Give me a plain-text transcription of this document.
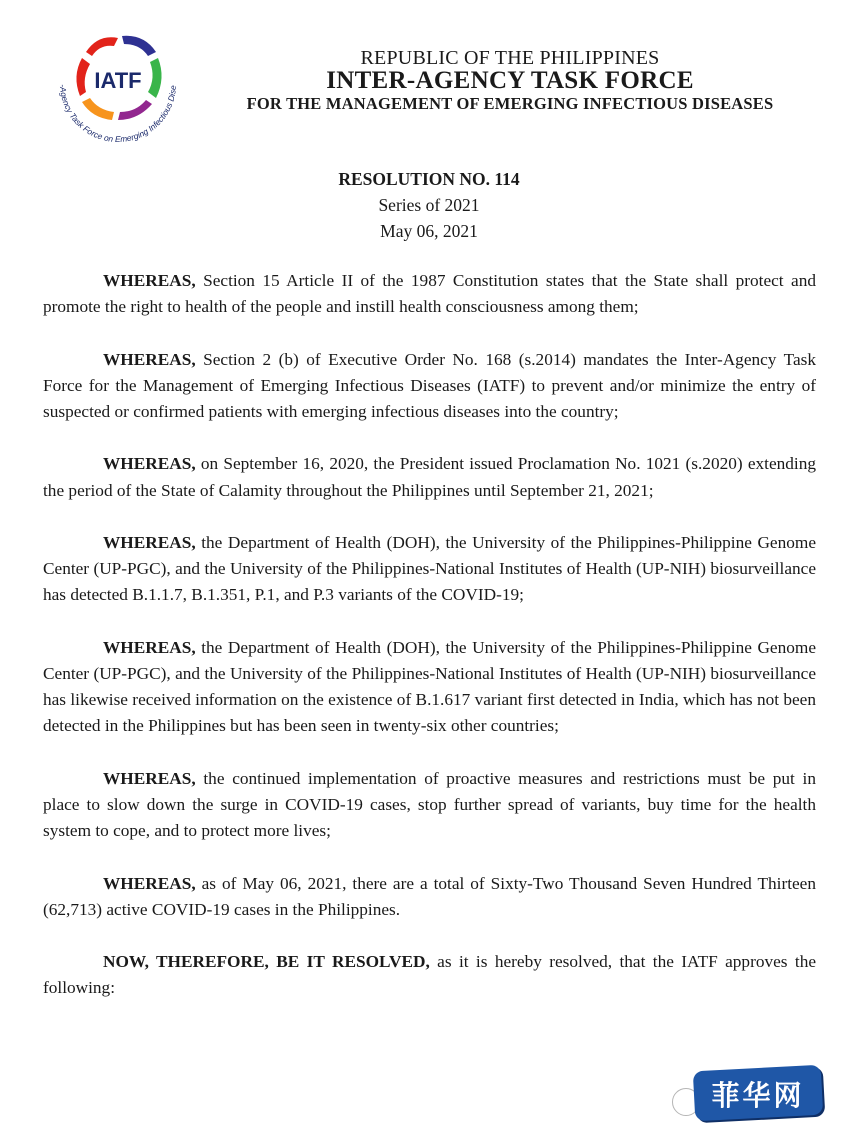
IATF
-Agency Task Force on Emerging Infectious Dise
REPUBLIC OF THE PHILIPPINES
INTER-AGENCY TASK FORCE
FOR THE MANAGEMENT OF EMERGING INFECTIOUS DISEASES
RESOLUTION NO. 114
Series of 2021
May 06, 2021

WHEREAS, Section 15 Article II of the 1987 Constitution states that the State shall protect and promote the right to health of the people and instill health consciousness among them;

WHEREAS, Section 2 (b) of Executive Order No. 168 (s.2014) mandates the Inter-Agency Task Force for the Management of Emerging Infectious Diseases (IATF) to prevent and/or minimize the entry of suspected or confirmed patients with emerging infectious diseases into the country;

WHEREAS, on September 16, 2020, the President issued Proclamation No. 1021 (s.2020) extending the period of the State of Calamity throughout the Philippines until September 21, 2021;

WHEREAS, the Department of Health (DOH), the University of the Philippines-Philippine Genome Center (UP-PGC), and the University of the Philippines-National Institutes of Health (UP-NIH) biosurveillance has detected B.1.1.7, B.1.351, P.1, and P.3 variants of the COVID-19;

WHEREAS, the Department of Health (DOH), the University of the Philippines-Philippine Genome Center (UP-PGC), and the University of the Philippines-National Institutes of Health (UP-NIH) biosurveillance has likewise received information on the existence of B.1.617 variant first detected in India, which has not been detected in the Philippines but has been seen in twenty-six other countries;

WHEREAS, the continued implementation of proactive measures and restrictions must be put in place to slow down the surge in COVID-19 cases, stop further spread of variants, buy time for the health system to cope, and to protect more lives;

WHEREAS, as of May 06, 2021, there are a total of Sixty-Two Thousand Seven Hundred Thirteen (62,713) active COVID-19 cases in the Philippines.

NOW, THEREFORE, BE IT RESOLVED, as it is hereby resolved, that the IATF approves the following:

菲华网
